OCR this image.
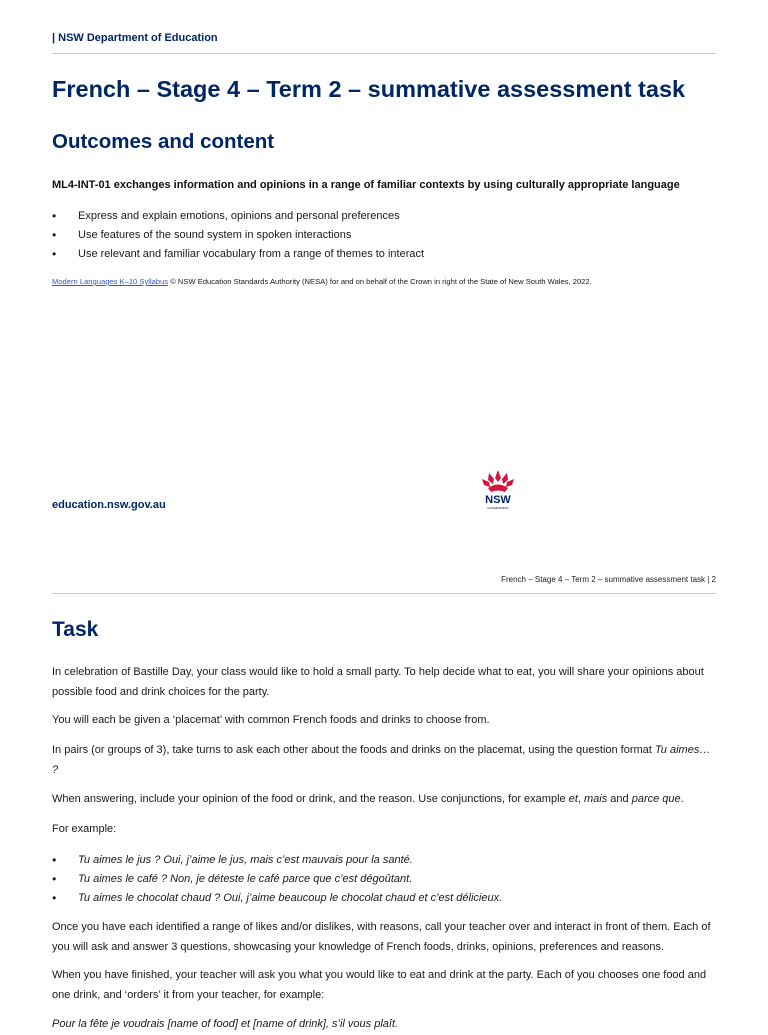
| NSW Department of Education
French – Stage 4 – Term 2 – summative assessment task
Outcomes and content
ML4-INT-01 exchanges information and opinions in a range of familiar contexts by using culturally appropriate language
• Express and explain emotions, opinions and personal preferences
• Use features of the sound system in spoken interactions
• Use relevant and familiar vocabulary from a range of themes to interact
Modern Languages K–10 Syllabus © NSW Education Standards Authority (NESA) for and on behalf of the Crown in right of the State of New South Wales, 2022.
education.nsw.gov.au	NSW
GOVERNMENT
French – Stage 4 – Term 2 – summative assessment task | 2
Task

In celebration of Bastille Day, your class would like to hold a small party. To help decide what to eat, you will share your opinions about possible food and drink choices for the party.

You will each be given a ‘placemat’ with common French foods and drinks to choose from.

In pairs (or groups of 3), take turns to ask each other about the foods and drinks on the placemat, using the question format Tu aimes… ?

When answering, include your opinion of the food or drink, and the reason. Use conjunctions, for example et, mais and parce que.

For example:

• Tu aimes le jus ? Oui, j’aime le jus, mais c’est mauvais pour la santé.
• Tu aimes le café ? Non, je déteste le café parce que c’est dégoûtant.
• Tu aimes le chocolat chaud ? Oui, j’aime beaucoup le chocolat chaud et c’est délicieux.

Once you have each identified a range of likes and/or dislikes, with reasons, call your teacher over and interact in front of them. Each of you will ask and answer 3 questions, showcasing your knowledge of French foods, drinks, opinions, preferences and reasons.

When you have finished, your teacher will ask you what you would like to eat and drink at the party. Each of you chooses one food and one drink, and ‘orders’ it from your teacher, for example:

Pour la fête je voudrais [name of food] et [name of drink], s’il vous plaît.
